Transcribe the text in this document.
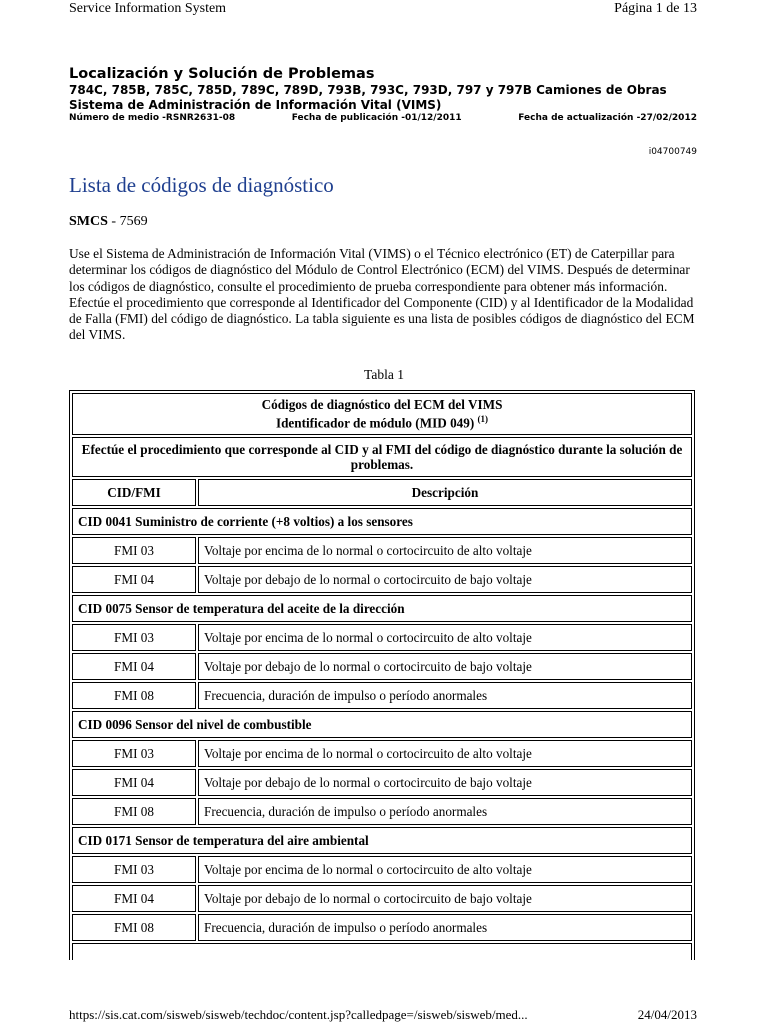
Service Information System	Página 1 de 13
Localización y Solución de Problemas
784C, 785B, 785C, 785D, 789C, 789D, 793B, 793C, 793D, 797 y 797B Camiones de Obras Sistema de Administración de Información Vital (VIMS)
Número de medio -RSNR2631-08	Fecha de publicación -01/12/2011	Fecha de actualización -27/02/2012
i04700749
Lista de códigos de diagnóstico
SMCS - 7569

Use el Sistema de Administración de Información Vital (VIMS) o el Técnico electrónico (ET) de Caterpillar para determinar los códigos de diagnóstico del Módulo de Control Electrónico (ECM) del VIMS. Después de determinar los códigos de diagnóstico, consulte el procedimiento de prueba correspondiente para obtener más información. Efectúe el procedimiento que corresponde al Identificador del Componente (CID) y al Identificador de la Modalidad de Falla (FMI) del código de diagnóstico. La tabla siguiente es una lista de posibles códigos de diagnóstico del ECM del VIMS.

Tabla 1
Códigos de diagnóstico del ECM del VIMS
Identificador de módulo (MID 049) $^{(1)}$

Efectúe el procedimiento que corresponde al CID y al FMI del código de diagnóstico durante la solución de problemas.	
CID/FMI	Descripción
CID 0041 Suministro de corriente (+8 voltios) a los sensores	
FMI 03	Voltaje por encima de lo normal o cortocircuito de alto voltaje
FMI 04	Voltaje por debajo de lo normal o cortocircuito de bajo voltaje
CID 0075 Sensor de temperatura del aceite de la dirección	
FMI 03	Voltaje por encima de lo normal o cortocircuito de alto voltaje
FMI 04	Voltaje por debajo de lo normal o cortocircuito de bajo voltaje
FMI 08	Frecuencia, duración de impulso o período anormales
CID 0096 Sensor del nivel de combustible	
FMI 03	Voltaje por encima de lo normal o cortocircuito de alto voltaje
FMI 04	Voltaje por debajo de lo normal o cortocircuito de bajo voltaje
FMI 08	Frecuencia, duración de impulso o período anormales
CID 0171 Sensor de temperatura del aire ambiental	
FMI 03	Voltaje por encima de lo normal o cortocircuito de alto voltaje
FMI 04	Voltaje por debajo de lo normal o cortocircuito de bajo voltaje
FMI 08	Frecuencia, duración de impulso o período anormales

https://sis.cat.com/sisweb/sisweb/techdoc/content.jsp?calledpage=/sisweb/sisweb/med...	24/04/2013
